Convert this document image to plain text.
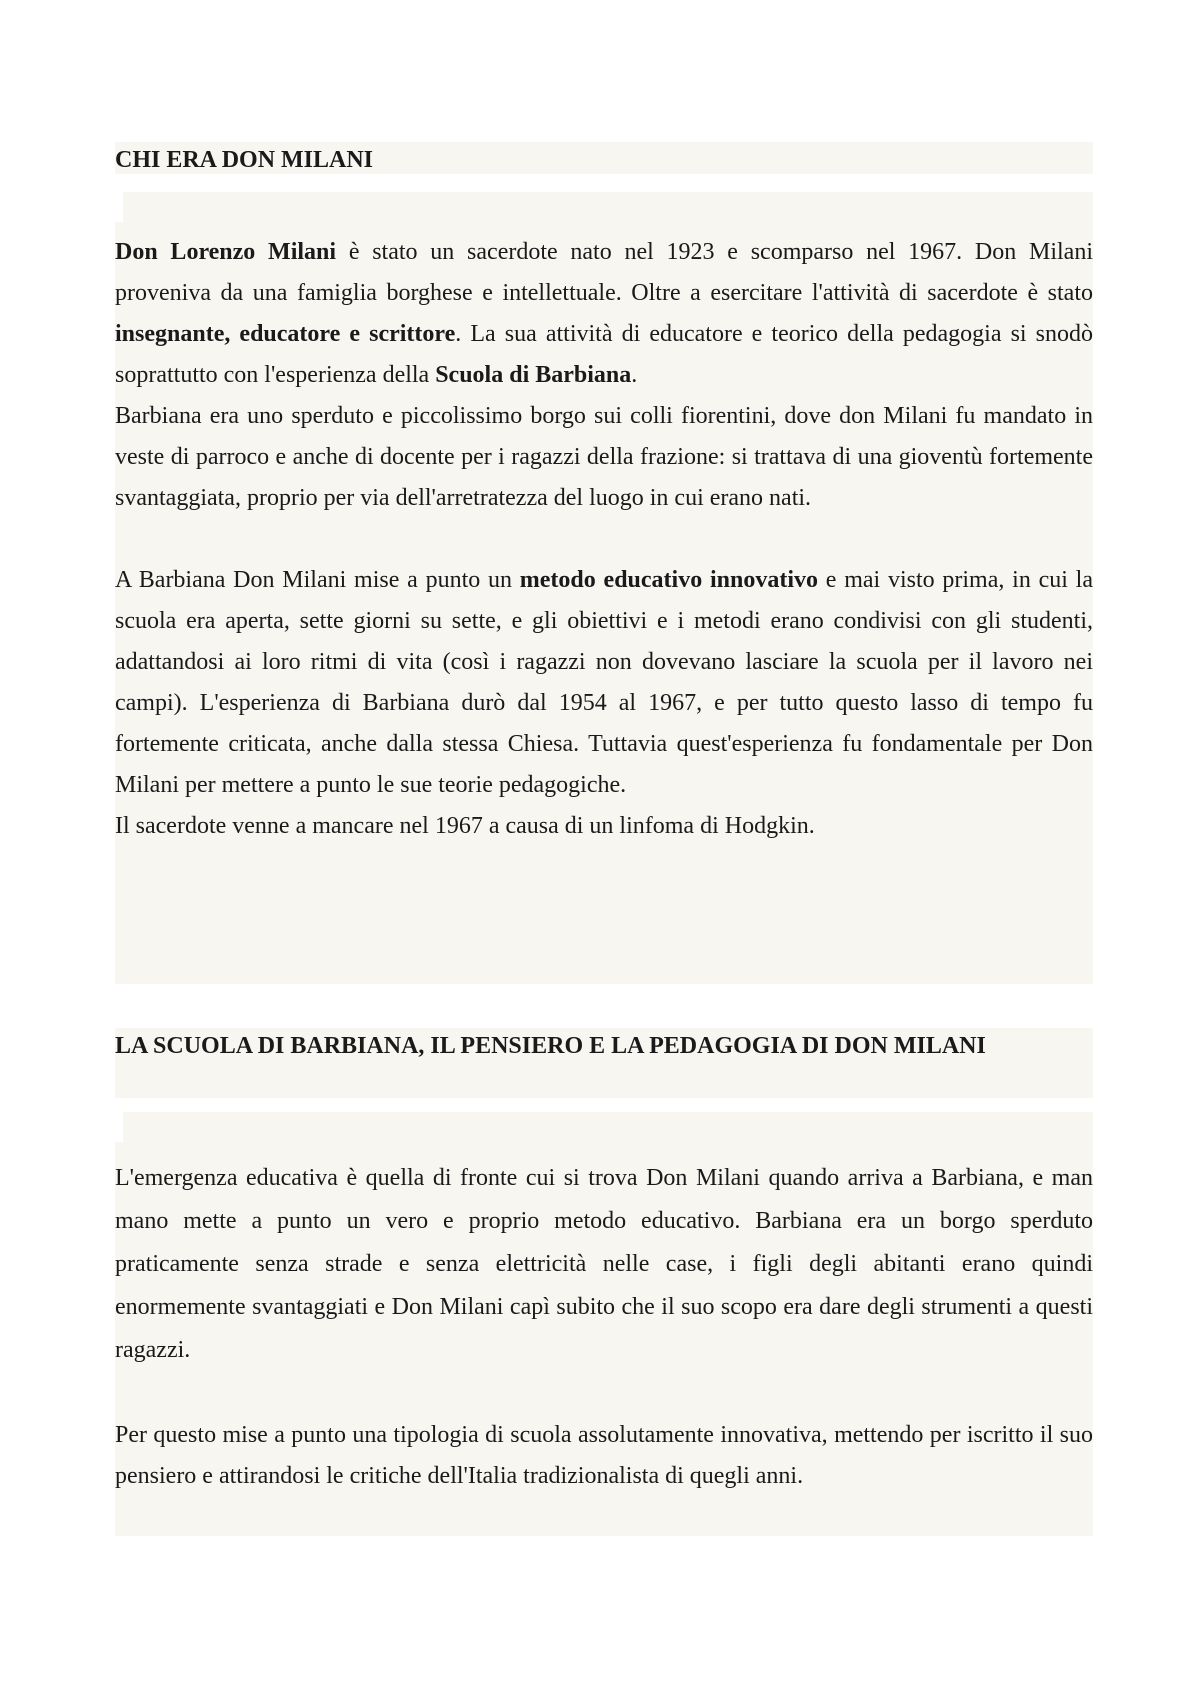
CHI ERA DON MILANI

Don Lorenzo Milani è stato un sacerdote nato nel 1923 e scomparso nel 1967. Don Milani proveniva da una famiglia borghese e intellettuale. Oltre a esercitare l'attività di sacerdote è stato insegnante, educatore e scrittore. La sua attività di educatore e teorico della pedagogia si snodò soprattutto con l'esperienza della Scuola di Barbiana.

Barbiana era uno sperduto e piccolissimo borgo sui colli fiorentini, dove don Milani fu mandato in veste di parroco e anche di docente per i ragazzi della frazione: si trattava di una gioventù fortemente svantaggiata, proprio per via dell'arretratezza del luogo in cui erano nati.

A Barbiana Don Milani mise a punto un metodo educativo innovativo e mai visto prima, in cui la scuola era aperta, sette giorni su sette, e gli obiettivi e i metodi erano condivisi con gli studenti, adattandosi ai loro ritmi di vita (così i ragazzi non dovevano lasciare la scuola per il lavoro nei campi). L'esperienza di Barbiana durò dal 1954 al 1967, e per tutto questo lasso di tempo fu fortemente criticata, anche dalla stessa Chiesa. Tuttavia quest'esperienza fu fondamentale per Don Milani per mettere a punto le sue teorie pedagogiche.

Il sacerdote venne a mancare nel 1967 a causa di un linfoma di Hodgkin.

LA SCUOLA DI BARBIANA, IL PENSIERO E LA PEDAGOGIA DI DON MILANI

L'emergenza educativa è quella di fronte cui si trova Don Milani quando arriva a Barbiana, e man mano mette a punto un vero e proprio metodo educativo. Barbiana era un borgo sperduto praticamente senza strade e senza elettricità nelle case, i figli degli abitanti erano quindi enormemente svantaggiati e Don Milani capì subito che il suo scopo era dare degli strumenti a questi ragazzi.

Per questo mise a punto una tipologia di scuola assolutamente innovativa, mettendo per iscritto il suo pensiero e attirandosi le critiche dell'Italia tradizionalista di quegli anni.
